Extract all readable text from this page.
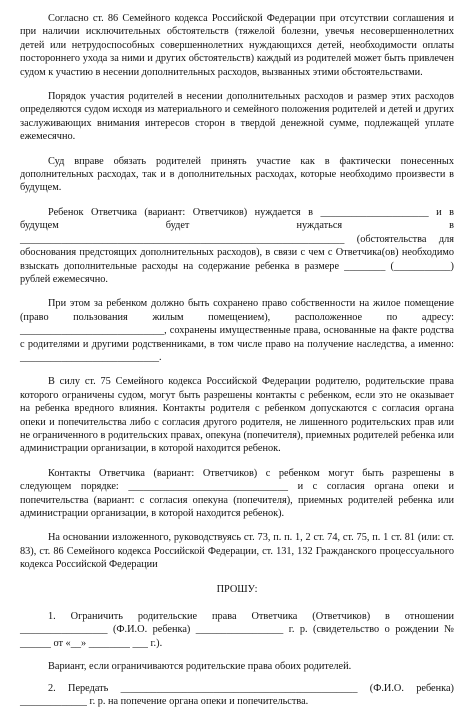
Согласно ст. 86 Семейного кодекса Российской Федерации при отсутствии соглашения и при наличии исключительных обстоятельств (тяжелой болезни, увечья несовершеннолетних детей или нетрудоспособных совершеннолетних нуждающихся детей, необходимости оплаты постороннего ухода за ними и других обстоятельств) каждый из родителей может быть привлечен судом к участию в несении дополнительных расходов, вызванных этими обстоятельствами.

Порядок участия родителей в несении дополнительных расходов и размер этих расходов определяются судом исходя из материального и семейного положения родителей и детей и других заслуживающих внимания интересов сторон в твердой денежной сумме, подлежащей уплате ежемесячно.

Суд вправе обязать родителей принять участие как в фактически понесенных дополнительных расходах, так и в дополнительных расходах, которые необходимо произвести в будущем.

Ребенок Ответчика (вариант: Ответчиков) нуждается в _____________________ и в будущем будет нуждаться в _______________________________________________________________ (обстоятельства для обоснования предстоящих дополнительных расходов), в связи с чем с Ответчика(ов) необходимо взыскать дополнительные расходы на содержание ребенка в размере ________ (___________) рублей ежемесячно.

При этом за ребенком должно быть сохранено право собственности на жилое помещение (право пользования жилым помещением), расположенное по адресу: ____________________________, сохранены имущественные права, основанные на факте родства с родителями и другими родственниками, в том числе право на получение наследства, а именно: ___________________________.

В силу ст. 75 Семейного кодекса Российской Федерации родителю, родительские права которого ограничены судом, могут быть разрешены контакты с ребенком, если это не оказывает на ребенка вредного влияния. Контакты родителя с ребенком допускаются с согласия органа опеки и попечительства либо с согласия другого родителя, не лишенного родительских прав или не ограниченного в родительских правах, опекуна (попечителя), приемных родителей ребенка или администрации организации, в которой находится ребенок.

Контакты Ответчика (вариант: Ответчиков) с ребенком могут быть разрешены в следующем порядке: _______________________________ и с согласия органа опеки и попечительства (вариант: с согласия опекуна (попечителя), приемных родителей ребенка или администрации организации, в которой находится ребенок).

На основании изложенного, руководствуясь ст. 73, п. п. 1, 2 ст. 74, ст. 75, п. 1 ст. 81 (или: ст. 83), ст. 86 Семейного кодекса Российской Федерации, ст. 131, 132 Гражданского процессуального кодекса Российской Федерации

ПРОШУ:

1. Ограничить родительские права Ответчика (Ответчиков) в отношении _________________ (Ф.И.О. ребенка) _________________ г. р. (свидетельство о рождении № ______ от «__» ________ ___ г.).

Вариант, если ограничиваются родительские права обоих родителей.

2. Передать ______________________________________________ (Ф.И.О. ребенка) _____________ г. р. на попечение органа опеки и попечительства.
